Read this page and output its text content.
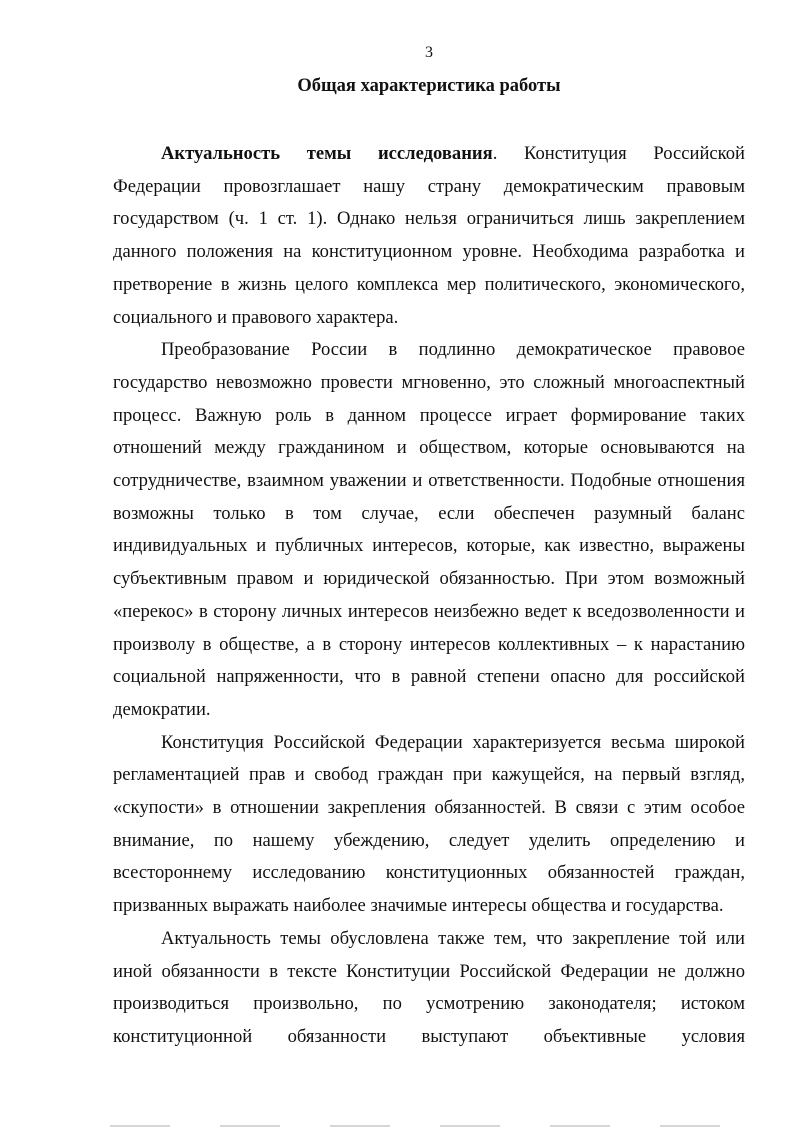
3
Общая характеристика работы

Актуальность темы исследования. Конституция Российской Федерации провозглашает нашу страну демократическим правовым государством (ч. 1 ст. 1). Однако нельзя ограничиться лишь закреплением данного положения на конституционном уровне. Необходима разработка и претворение в жизнь целого комплекса мер политического, экономического, социального и правового характера.

Преобразование России в подлинно демократическое правовое государство невозможно провести мгновенно, это сложный многоаспектный процесс. Важную роль в данном процессе играет формирование таких отношений между гражданином и обществом, которые основываются на сотрудничестве, взаимном уважении и ответственности. Подобные отношения возможны только в том случае, если обеспечен разумный баланс индивидуальных и публичных интересов, которые, как известно, выражены субъективным правом и юридической обязанностью. При этом возможный «перекос» в сторону личных интересов неизбежно ведет к вседозволенности и произволу в обществе, а в сторону интересов коллективных – к нарастанию социальной напряженности, что в равной степени опасно для российской демократии.

Конституция Российской Федерации характеризуется весьма широкой регламентацией прав и свобод граждан при кажущейся, на первый взгляд, «скупости» в отношении закрепления обязанностей. В связи с этим особое внимание, по нашему убеждению, следует уделить определению и всестороннему исследованию конституционных обязанностей граждан, призванных выражать наиболее значимые интересы общества и государства.

Актуальность темы обусловлена также тем, что закрепление той или иной обязанности в тексте Конституции Российской Федерации не должно производиться произвольно, по усмотрению законодателя; истоком конституционной обязанности выступают объективные условия
